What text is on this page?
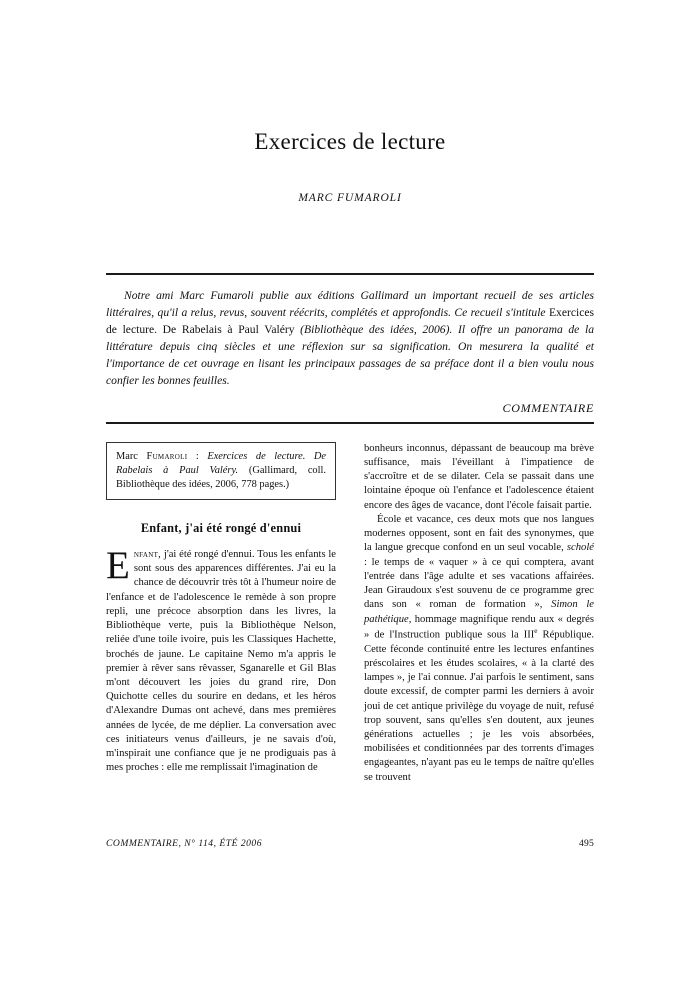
Exercices de lecture
MARC FUMAROLI
Notre ami Marc Fumaroli publie aux éditions Gallimard un important recueil de ses articles littéraires, qu'il a relus, revus, souvent réécrits, complétés et approfondis. Ce recueil s'intitule Exercices de lecture. De Rabelais à Paul Valéry (Bibliothèque des idées, 2006). Il offre un panorama de la littérature depuis cinq siècles et une réflexion sur sa signification. On mesurera la qualité et l'importance de cet ouvrage en lisant les principaux passages de sa préface dont il a bien voulu nous confier les bonnes feuilles.
COMMENTAIRE
Marc Fumaroli : Exercices de lecture. De Rabelais à Paul Valéry. (Gallimard, coll. Bibliothèque des idées, 2006, 778 pages.)
Enfant, j'ai été rongé d'ennui
Enfant, j'ai été rongé d'ennui. Tous les enfants le sont sous des apparences différentes. J'ai eu la chance de découvrir très tôt à l'humeur noire de l'enfance et de l'adolescence le remède à son propre repli, une précoce absorption dans les livres, la Bibliothèque verte, puis la Bibliothèque Nelson, reliée d'une toile ivoire, puis les Classiques Hachette, brochés de jaune. Le capitaine Nemo m'a appris le premier à rêver sans rêvasser, Sganarelle et Gil Blas m'ont découvert les joies du grand rire, Don Quichotte celles du sourire en dedans, et les héros d'Alexandre Dumas ont achevé, dans mes premières années de lycée, de me déplier. La conversation avec ces initiateurs venus d'ailleurs, je ne savais d'où, m'inspirait une confiance que je ne prodiguais pas à mes proches : elle me remplissait l'imagination de

bonheurs inconnus, dépassant de beaucoup ma brève suffisance, mais l'éveillant à l'impatience de s'accroître et de se dilater. Cela se passait dans une lointaine époque où l'enfance et l'adolescence étaient encore des âges de vacance, dont l'école faisait partie.

École et vacance, ces deux mots que nos langues modernes opposent, sont en fait des synonymes, que la langue grecque confond en un seul vocable, scholé : le temps de « vaquer » à ce qui comptera, avant l'entrée dans l'âge adulte et ses vacations affairées. Jean Giraudoux s'est souvenu de ce programme grec dans son « roman de formation », Simon le pathétique, hommage magnifique rendu aux « degrés » de l'Instruction publique sous la IIIe République. Cette féconde continuité entre les lectures enfantines préscolaires et les études scolaires, « à la clarté des lampes », je l'ai connue. J'ai parfois le sentiment, sans doute excessif, de compter parmi les derniers à avoir joui de cet antique privilège du voyage de nuit, refusé trop souvent, sans qu'elles s'en doutent, aux jeunes générations actuelles ; je les vois absorbées, mobilisées et conditionnées par des torrents d'images engageantes, n'ayant pas eu le temps de naître qu'elles se trouvent

COMMENTAIRE, N° 114, ÉTÉ 2006	495
